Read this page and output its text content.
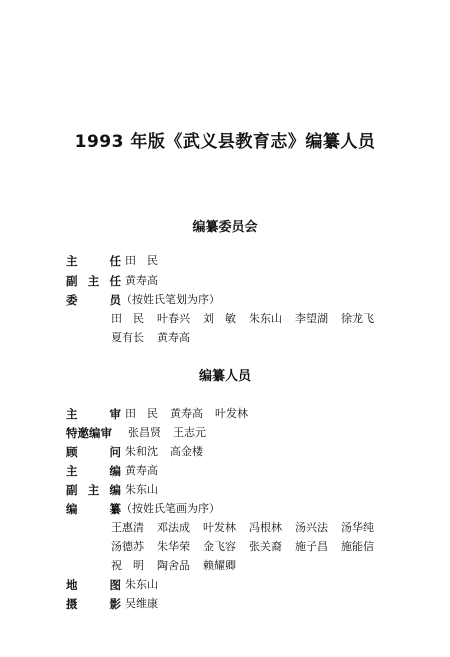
1993 年版《武义县教育志》编纂人员
编纂委员会
主　任 田　民
副主任 黄寿高
委　员（按姓氏笔划为序）
田　民 叶春兴 刘　敏 朱东山 李望湖 徐龙飞
夏有长 黄寿高
编纂人员
主　审 田　民 黄寿高 叶发林
特邀编审 张昌贤 王志元
顾　问 朱和沈 高金楼
主　编 黄寿高
副主编 朱东山
编　纂（按姓氏笔画为序）
王惠清 邓法成 叶发林 冯根林 汤兴法 汤华纯
汤德苏 朱华荣 金飞容 张关裔 施子昌 施能信
祝　明 陶舍品 赖耀卿
地　图 朱东山
摄　影 吴维康
